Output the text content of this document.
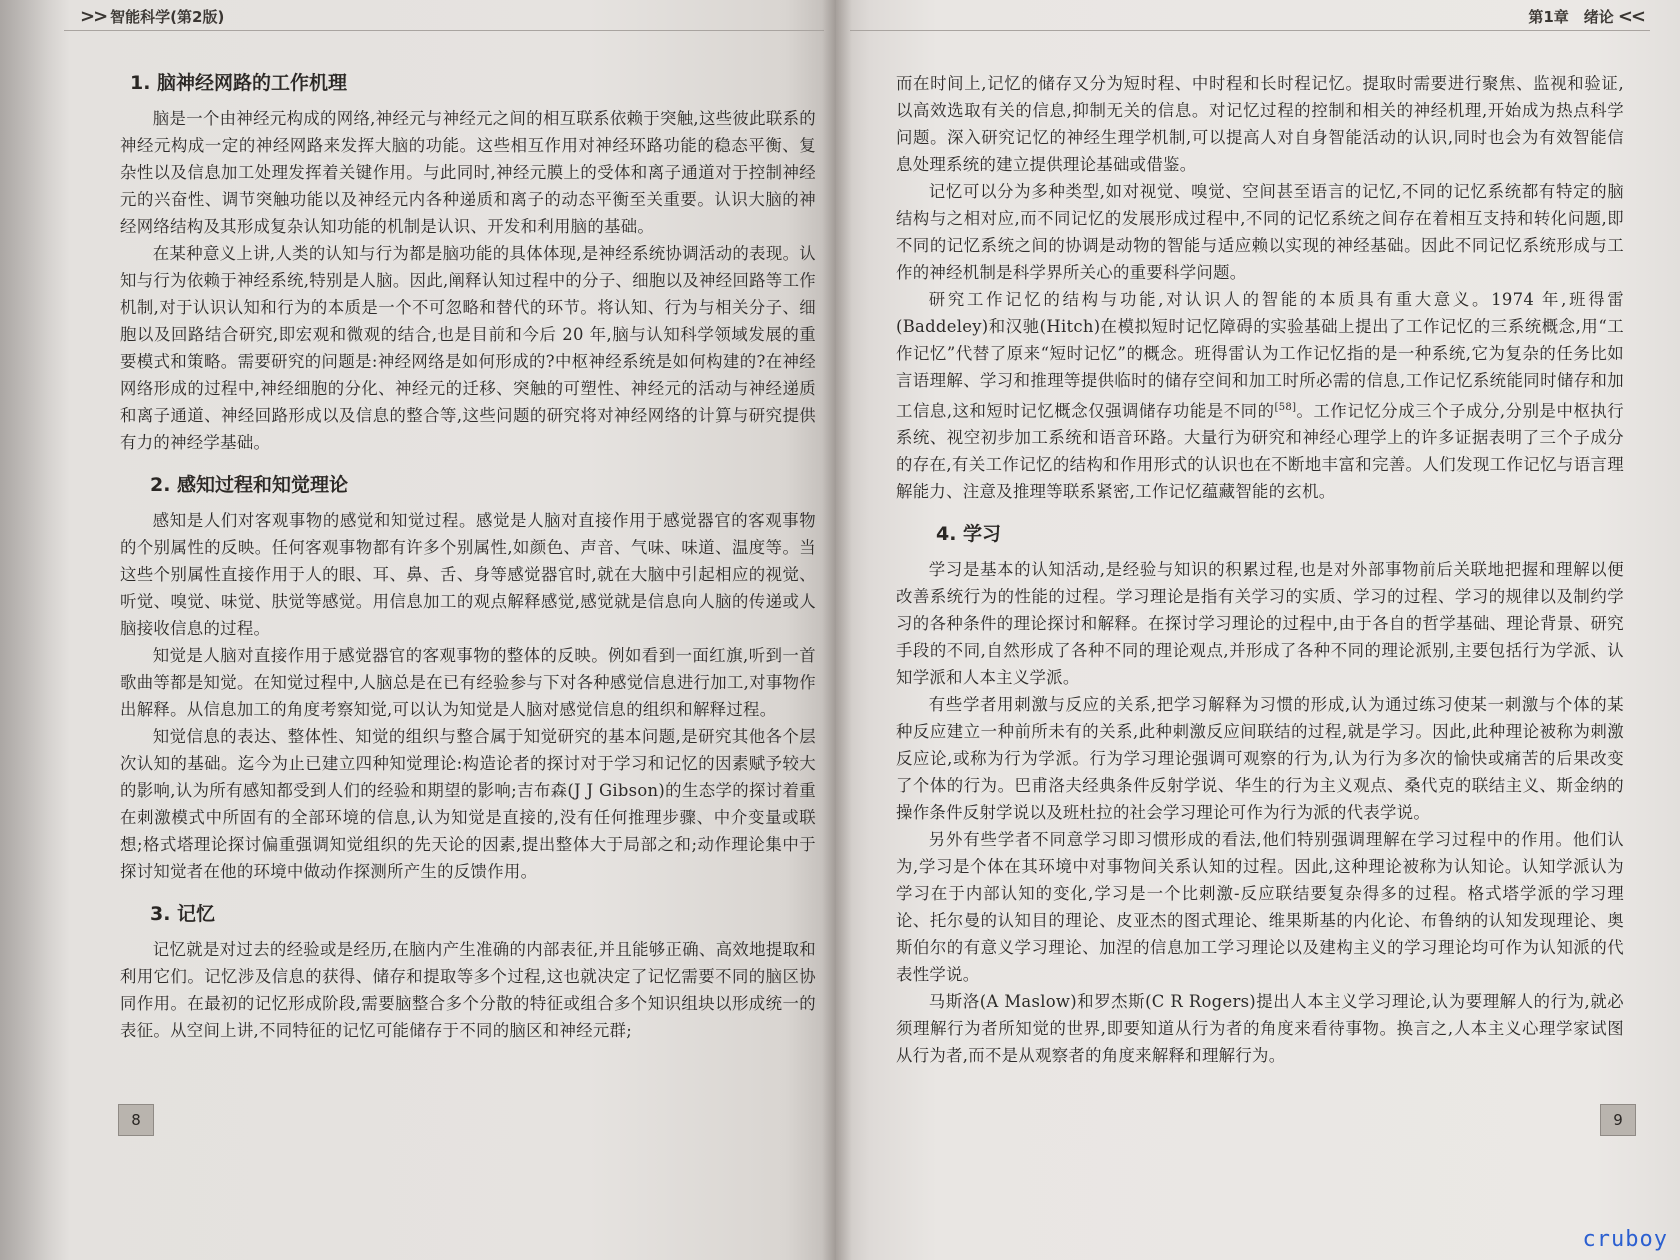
>> 智能科学(第2版)
1. 脑神经网路的工作机理

脑是一个由神经元构成的网络,神经元与神经元之间的相互联系依赖于突触,这些彼此联系的神经元构成一定的神经网路来发挥大脑的功能。这些相互作用对神经环路功能的稳态平衡、复杂性以及信息加工处理发挥着关键作用。与此同时,神经元膜上的受体和离子通道对于控制神经元的兴奋性、调节突触功能以及神经元内各种递质和离子的动态平衡至关重要。认识大脑的神经网络结构及其形成复杂认知功能的机制是认识、开发和利用脑的基础。

在某种意义上讲,人类的认知与行为都是脑功能的具体体现,是神经系统协调活动的表现。认知与行为依赖于神经系统,特别是人脑。因此,阐释认知过程中的分子、细胞以及神经回路等工作机制,对于认识认知和行为的本质是一个不可忽略和替代的环节。将认知、行为与相关分子、细胞以及回路结合研究,即宏观和微观的结合,也是目前和今后 20 年,脑与认知科学领域发展的重要模式和策略。需要研究的问题是:神经网络是如何形成的?中枢神经系统是如何构建的?在神经网络形成的过程中,神经细胞的分化、神经元的迁移、突触的可塑性、神经元的活动与神经递质和离子通道、神经回路形成以及信息的整合等,这些问题的研究将对神经网络的计算与研究提供有力的神经学基础。

2. 感知过程和知觉理论

感知是人们对客观事物的感觉和知觉过程。感觉是人脑对直接作用于感觉器官的客观事物的个别属性的反映。任何客观事物都有许多个别属性,如颜色、声音、气味、味道、温度等。当这些个别属性直接作用于人的眼、耳、鼻、舌、身等感觉器官时,就在大脑中引起相应的视觉、听觉、嗅觉、味觉、肤觉等感觉。用信息加工的观点解释感觉,感觉就是信息向人脑的传递或人脑接收信息的过程。

知觉是人脑对直接作用于感觉器官的客观事物的整体的反映。例如看到一面红旗,听到一首歌曲等都是知觉。在知觉过程中,人脑总是在已有经验参与下对各种感觉信息进行加工,对事物作出解释。从信息加工的角度考察知觉,可以认为知觉是人脑对感觉信息的组织和解释过程。

知觉信息的表达、整体性、知觉的组织与整合属于知觉研究的基本问题,是研究其他各个层次认知的基础。迄今为止已建立四种知觉理论:构造论者的探讨对于学习和记忆的因素赋予较大的影响,认为所有感知都受到人们的经验和期望的影响;吉布森(J J Gibson)的生态学的探讨着重在刺激模式中所固有的全部环境的信息,认为知觉是直接的,没有任何推理步骤、中介变量或联想;格式塔理论探讨偏重强调知觉组织的先天论的因素,提出整体大于局部之和;动作理论集中于探讨知觉者在他的环境中做动作探测所产生的反馈作用。

3. 记忆

记忆就是对过去的经验或是经历,在脑内产生准确的内部表征,并且能够正确、高效地提取和利用它们。记忆涉及信息的获得、储存和提取等多个过程,这也就决定了记忆需要不同的脑区协同作用。在最初的记忆形成阶段,需要脑整合多个分散的特征或组合多个知识组块以形成统一的表征。从空间上讲,不同特征的记忆可能储存于不同的脑区和神经元群;

8
第1章　绪论 <<

而在时间上,记忆的储存又分为短时程、中时程和长时程记忆。提取时需要进行聚焦、监视和验证,以高效选取有关的信息,抑制无关的信息。对记忆过程的控制和相关的神经机理,开始成为热点科学问题。深入研究记忆的神经生理学机制,可以提高人对自身智能活动的认识,同时也会为有效智能信息处理系统的建立提供理论基础或借鉴。

记忆可以分为多种类型,如对视觉、嗅觉、空间甚至语言的记忆,不同的记忆系统都有特定的脑结构与之相对应,而不同记忆的发展形成过程中,不同的记忆系统之间存在着相互支持和转化问题,即不同的记忆系统之间的协调是动物的智能与适应赖以实现的神经基础。因此不同记忆系统形成与工作的神经机制是科学界所关心的重要科学问题。

研究工作记忆的结构与功能,对认识人的智能的本质具有重大意义。1974 年,班得雷(Baddeley)和汉驰(Hitch)在模拟短时记忆障碍的实验基础上提出了工作记忆的三系统概念,用“工作记忆”代替了原来“短时记忆”的概念。班得雷认为工作记忆指的是一种系统,它为复杂的任务比如言语理解、学习和推理等提供临时的储存空间和加工时所必需的信息,工作记忆系统能同时储存和加工信息,这和短时记忆概念仅强调储存功能是不同的[58]。工作记忆分成三个子成分,分别是中枢执行系统、视空初步加工系统和语音环路。大量行为研究和神经心理学上的许多证据表明了三个子成分的存在,有关工作记忆的结构和作用形式的认识也在不断地丰富和完善。人们发现工作记忆与语言理解能力、注意及推理等联系紧密,工作记忆蕴藏智能的玄机。

4. 学习

学习是基本的认知活动,是经验与知识的积累过程,也是对外部事物前后关联地把握和理解以便改善系统行为的性能的过程。学习理论是指有关学习的实质、学习的过程、学习的规律以及制约学习的各种条件的理论探讨和解释。在探讨学习理论的过程中,由于各自的哲学基础、理论背景、研究手段的不同,自然形成了各种不同的理论观点,并形成了各种不同的理论派别,主要包括行为学派、认知学派和人本主义学派。

有些学者用刺激与反应的关系,把学习解释为习惯的形成,认为通过练习使某一刺激与个体的某种反应建立一种前所未有的关系,此种刺激反应间联结的过程,就是学习。因此,此种理论被称为刺激反应论,或称为行为学派。行为学习理论强调可观察的行为,认为行为多次的愉快或痛苦的后果改变了个体的行为。巴甫洛夫经典条件反射学说、华生的行为主义观点、桑代克的联结主义、斯金纳的操作条件反射学说以及班杜拉的社会学习理论可作为行为派的代表学说。

另外有些学者不同意学习即习惯形成的看法,他们特别强调理解在学习过程中的作用。他们认为,学习是个体在其环境中对事物间关系认知的过程。因此,这种理论被称为认知论。认知学派认为学习在于内部认知的变化,学习是一个比刺激-反应联结要复杂得多的过程。格式塔学派的学习理论、托尔曼的认知目的理论、皮亚杰的图式理论、维果斯基的内化论、布鲁纳的认知发现理论、奥斯伯尔的有意义学习理论、加涅的信息加工学习理论以及建构主义的学习理论均可作为认知派的代表性学说。

马斯洛(A Maslow)和罗杰斯(C R Rogers)提出人本主义学习理论,认为要理解人的行为,就必须理解行为者所知觉的世界,即要知道从行为者的角度来看待事物。换言之,人本主义心理学家试图从行为者,而不是从观察者的角度来解释和理解行为。

9
cruboy
